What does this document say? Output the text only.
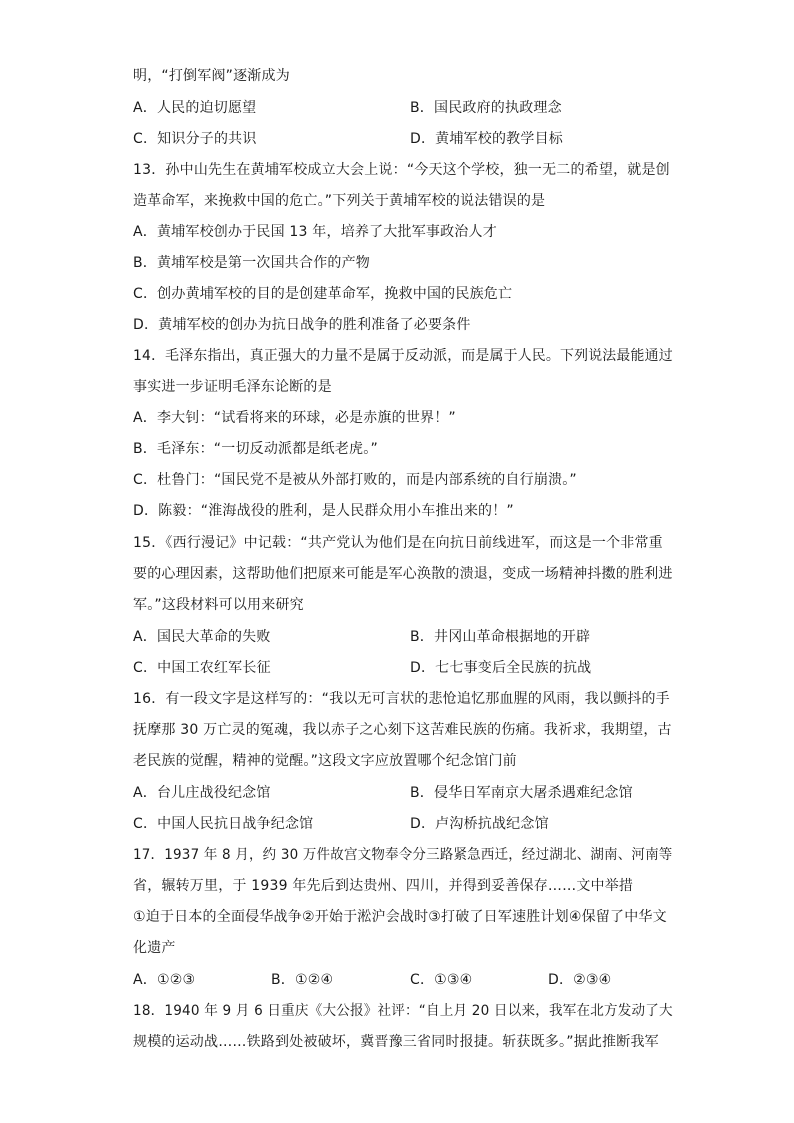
明，“打倒军阀”逐渐成为
A．人民的迫切愿望	B．国民政府的执政理念
C．知识分子的共识	D．黄埔军校的教学目标
13．孙中山先生在黄埔军校成立大会上说：“今天这个学校，独一无二的希望，就是创
造革命军，来挽救中国的危亡。”下列关于黄埔军校的说法错误的是
A．黄埔军校创办于民国 13 年，培养了大批军事政治人才
B．黄埔军校是第一次国共合作的产物
C．创办黄埔军校的目的是创建革命军，挽救中国的民族危亡
D．黄埔军校的创办为抗日战争的胜利准备了必要条件
14．毛泽东指出，真正强大的力量不是属于反动派，而是属于人民。下列说法最能通过
事实进一步证明毛泽东论断的是
A．李大钊：“试看将来的环球，必是赤旗的世界！”
B．毛泽东：“一切反动派都是纸老虎。”
C．杜鲁门：“国民党不是被从外部打败的，而是内部系统的自行崩溃。”
D．陈毅：“淮海战役的胜利，是人民群众用小车推出来的！”
15．《西行漫记》中记载：“共产党认为他们是在向抗日前线进军，而这是一个非常重
要的心理因素，这帮助他们把原来可能是军心涣散的溃退，变成一场精神抖擞的胜利进
军。”这段材料可以用来研究
A．国民大革命的失败	B．井冈山革命根据地的开辟
C．中国工农红军长征	D．七七事变后全民族的抗战
16．有一段文字是这样写的：“我以无可言状的悲怆追忆那血腥的风雨，我以颤抖的手
抚摩那 30 万亡灵的冤魂，我以赤子之心刻下这苦难民族的伤痛。我祈求，我期望，古
老民族的觉醒，精神的觉醒。”这段文字应放置哪个纪念馆门前
A．台儿庄战役纪念馆	B．侵华日军南京大屠杀遇难纪念馆
C．中国人民抗日战争纪念馆	D．卢沟桥抗战纪念馆
17．1937 年 8 月，约 30 万件故宫文物奉令分三路紧急西迁，经过湖北、湖南、河南等
省，辗转万里，于 1939 年先后到达贵州、四川，并得到妥善保存……文中举措
①迫于日本的全面侵华战争②开始于淞沪会战时③打破了日军速胜计划④保留了中华文
化遗产
A．①②③	B．①②④	C．①③④	D．②③④
18．1940 年 9 月 6 日重庆《大公报》社评：“自上月 20 日以来，我军在北方发动了大
规模的运动战……铁路到处被破坏，冀晋豫三省同时报捷。斩获既多。”据此推断我军
